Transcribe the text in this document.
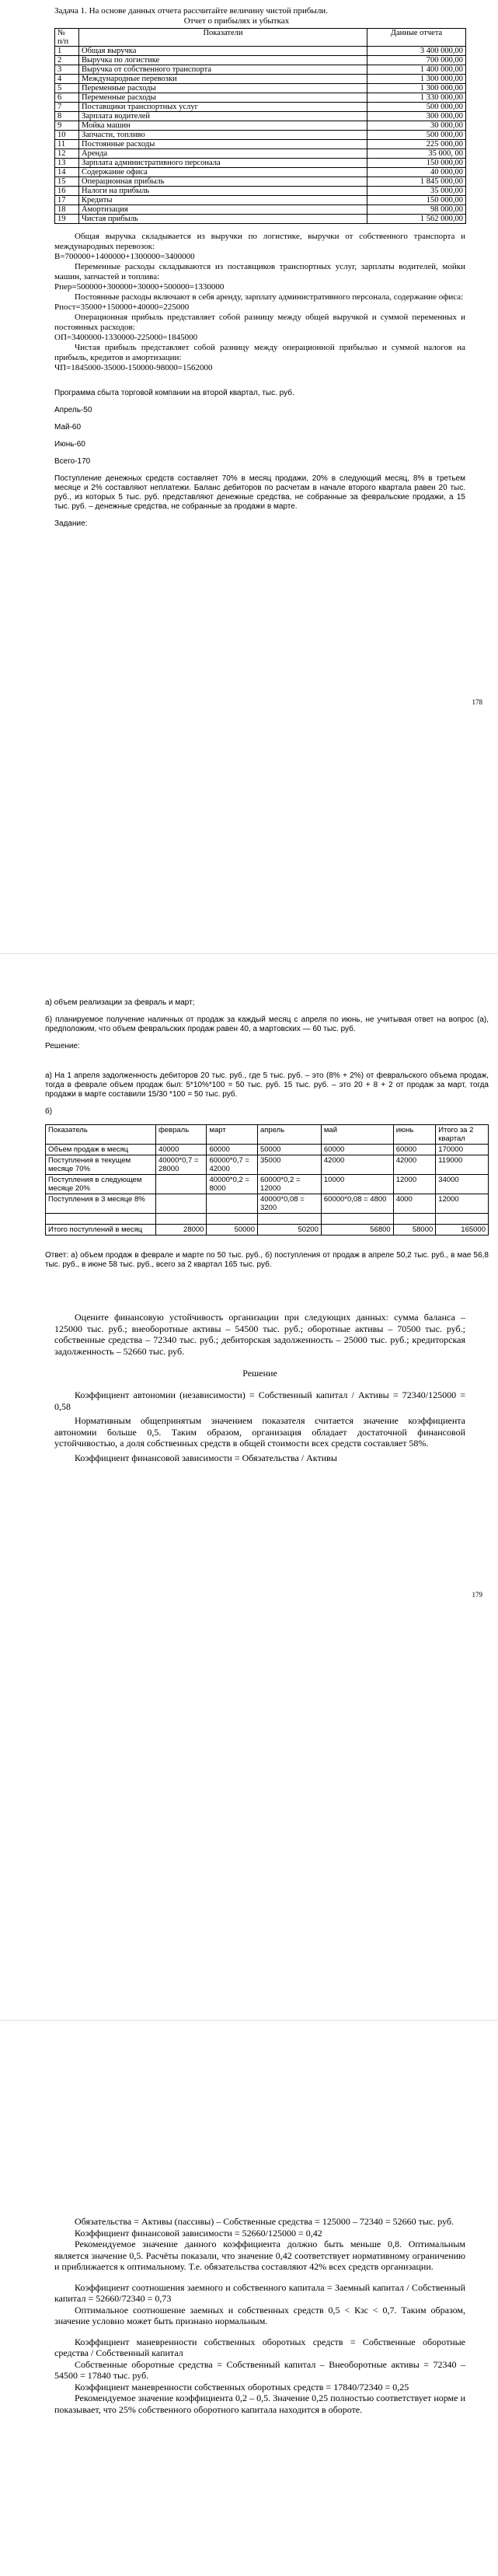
Задача 1. На основе данных отчета рассчитайте величину чистой прибыли.

Отчет о прибылях и убытках

№
п/п	Показатели	Данные отчета
1	Общая выручка	3 400 000,00
2	Выручка по логистике	700 000,00
3	Выручка от собственного транспорта	1 400 000,00
4	Международные перевозки	1 300 000,00
5	Переменные расходы	1 300 000,00
6	Переменные расходы	1 330 000,00
7	Поставщики транспортных услуг	500 000,00
8	Зарплата водителей	300 000,00
9	Мойка машин	30 000,00
10	Запчасти, топливо	500 000,00
11	Постоянные расходы	225 000,00
12	Аренда	35 000, 00
13	Зарплата административного персонала	150 000,00
14	Содержание офиса	40 000,00
15	Операционная прибыль	1 845 000,00
16	Налоги на прибыль	35 000,00
17	Кредиты	150 000,00
18	Амортизация	98 000,00
19	Чистая прибыль	1 562 000,00

Общая выручка складывается из выручки по логистике, выручки от собственного транспорта и международных перевозок:

В=700000+1400000+1300000=3400000

Переменные расходы складываются из поставщиков транспортных услуг, зарплаты водителей, мойки машин, запчастей и топлива:

Рпер=500000+300000+30000+500000=1330000

Постоянные расходы включают в себя аренду, зарплату административного персонала, содержание офиса:

Рпост=35000+150000+40000=225000

Операционная прибыль представляет собой разницу между общей выручкой и суммой переменных и постоянных расходов:

ОП=3400000-1330000-225000=1845000

Чистая прибыль представляет собой разницу между операционной прибылью и суммой налогов на прибыль, кредитов и амортизации:

ЧП=1845000-35000-150000-98000=1562000

Программа сбыта торговой компании на второй квартал, тыс. руб.

Апрель-50

Май-60

Июнь-60

Всего-170

Поступление денежных средств составляет 70% в месяц продажи, 20% в следующий месяц, 8% в третьем месяце и 2% составляют неплатежи. Баланс дебиторов по расчетам в начале второго квартала равен 20 тыс. руб., из которых 5 тыс. руб. представляют денежные средства, не собранные за февральские продажи, а 15 тыс. руб. – денежные средства, не собранные за продажи в марте.

Задание:

178

а) объем реализации за февраль и март;

б) планируемое получение наличных от продаж за каждый месяц с апреля по июнь, не учитывая ответ на вопрос (а), предположим, что объем февральских продаж равен 40, а мартовских — 60 тыс. руб.

Решение:

а) На 1 апреля задолженность дебиторов 20 тыс. руб., где 5 тыс. руб. – это (8% + 2%) от февральского объема продаж, тогда в феврале объем продаж был: 5*10%*100 = 50 тыс. руб. 15 тыс. руб. – это 20 + 8 + 2 от продаж за март, тогда продажи в марте составили 15/30 *100 = 50 тыс. руб.

б)

Показатель	февраль	март	апрель	май	июнь	Итого за 2 квартал
Объем продаж в месяц	40000	60000	50000	60000	60000	170000
Поступления в текущем месяце 70%	40000*0,7 = 28000	60000*0,7 = 42000	35000	42000	42000	119000
Поступления в следующем месяце 20%		40000*0,2 = 8000	60000*0,2 = 12000	10000	12000	34000
Поступления в 3 месяце 8%			40000*0,08 = 3200	60000*0,08 = 4800	4000	12000

Итого поступлений в месяц	28000	50000	50200	56800	58000	165000

Ответ: а) объем продаж в феврале и марте по 50 тыс. руб., б) поступления от продаж в апреле 50,2 тыс. руб., в мае 56,8 тыс. руб., в июне 58 тыс. руб., всего за 2 квартал 165 тыс. руб.

Оцените финансовую устойчивость организации при следующих данных: сумма баланса – 125000 тыс. руб.; внеоборотные активы – 54500 тыс. руб.; оборотные активы – 70500 тыс. руб.; собственные средства – 72340 тыс. руб.; дебиторская задолженность – 25000 тыс. руб.; кредиторская задолженность – 52660 тыс. руб.

Решение

Коэффициент автономии (независимости) = Собственный капитал / Активы = 72340/125000 = 0,58

Нормативным общепринятым значением показателя считается значение коэффициента автономии больше 0,5. Таким образом, организация обладает достаточной финансовой устойчивостью, а доля собственных средств в общей стоимости всех средств составляет 58%.

Коэффициент финансовой зависимости = Обязательства / Активы

179

Обязательства = Активы (пассивы) – Собственные средства = 125000 – 72340 = 52660 тыс. руб.

Коэффициент финансовой зависимости = 52660/125000 = 0,42

Рекомендуемое значение данного коэффициента должно быть меньше 0,8. Оптимальным является значение 0,5. Расчёты показали, что значение 0,42 соответствует нормативному ограничению и приближается к оптимальному. Т.е. обязательства составляют 42% всех средств организации.

Коэффициент соотношения заемного и собственного капитала = Заемный капитал / Собственный капитал = 52660/72340 = 0,73

Оптимальное соотношение заемных и собственных средств 0,5 < Кзс < 0,7. Таким образом, значение условно может быть признано нормальным.

Коэффициент маневренности собственных оборотных средств = Собственные оборотные средства / Собственный капитал

Собственные оборотные средства = Собственный капитал – Внеоборотные активы = 72340 – 54500 = 17840 тыс. руб.

Коэффициент маневренности собственных оборотных средств = 17840/72340 = 0,25

Рекомендуемое значение коэффициента 0,2 – 0,5. Значение 0,25 полностью соответствует норме и показывает, что 25% собственного оборотного капитала находится в обороте.
